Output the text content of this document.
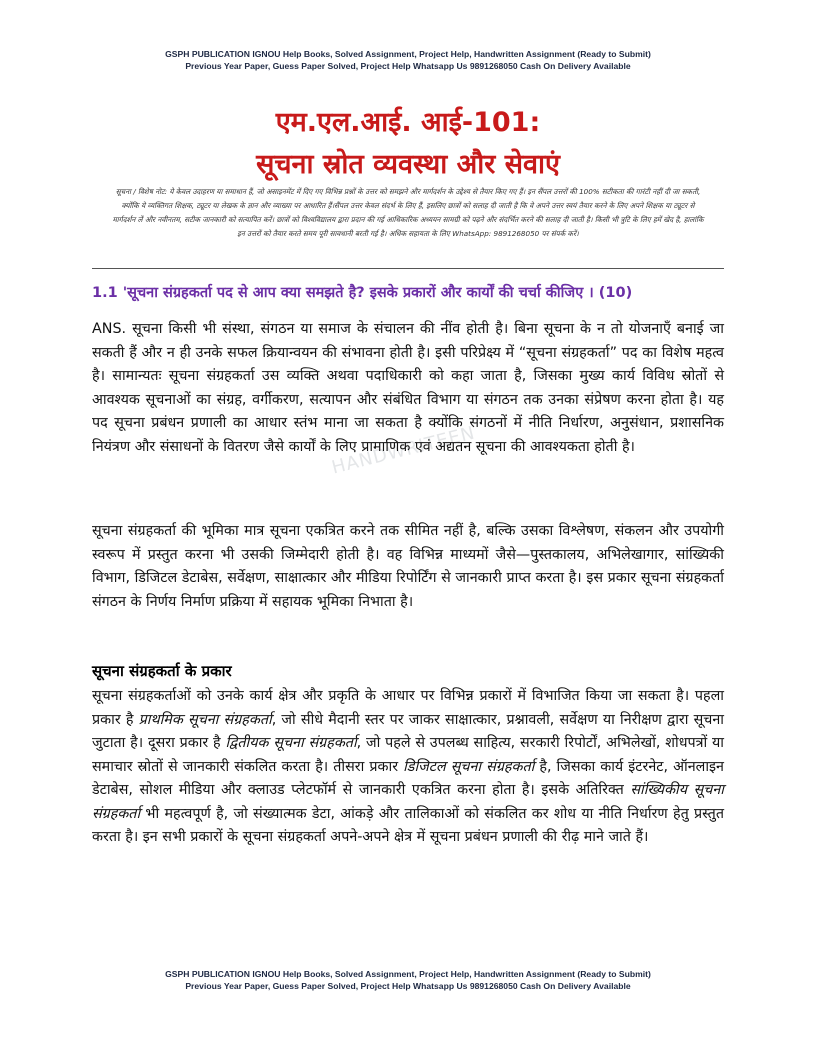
HANDWRITEEN
GSPH PUBLICATION IGNOU Help Books, Solved Assignment, Project Help, Handwritten Assignment (Ready to Submit)
Previous Year Paper, Guess Paper Solved, Project Help Whatsapp Us 9891268050 Cash On Delivery Available
एम.एल.आई. आई-101:
सूचना स्रोत व्यवस्था और सेवाएं
सूचना / विशेष नोट: ये केवल उदाहरण या समाधान हैं, जो असाइनमेंट में दिए गए विभिन्न प्रश्नों के उत्तर को समझने और मार्गदर्शन के उद्देश्य से तैयार किए गए हैं। इन सैंपल उत्तरों की 100% सटीकता की गारंटी नहीं दी जा सकती, क्योंकि ये व्यक्तिगत शिक्षक, ट्यूटर या लेखक के ज्ञान और व्याख्या पर आधारित हैं।सैंपल उत्तर केवल संदर्भ के लिए हैं, इसलिए छात्रों को सलाह दी जाती है कि वे अपने उत्तर स्वयं तैयार करने के लिए अपने शिक्षक या ट्यूटर से मार्गदर्शन लें और नवीनतम, सटीक जानकारी को सत्यापित करें। छात्रों को विश्वविद्यालय द्वारा प्रदान की गई आधिकारिक अध्ययन सामग्री को पढ़ने और संदर्भित करने की सलाह दी जाती है। किसी भी त्रुटि के लिए हमें खेद है, हालांकि इन उत्तरों को तैयार करते समय पूरी सावधानी बरती गई है। अधिक सहायता के लिए WhatsApp: 9891268050 पर संपर्क करें।
1.1 'सूचना संग्रहकर्ता पद से आप क्या समझते है? इसके प्रकारों और कार्यों की चर्चा कीजिए । (10)
ANS. सूचना किसी भी संस्था, संगठन या समाज के संचालन की नींव होती है। बिना सूचना के न तो योजनाएँ बनाई जा सकती हैं और न ही उनके सफल क्रियान्वयन की संभावना होती है। इसी परिप्रेक्ष्य में “सूचना संग्रहकर्ता” पद का विशेष महत्व है। सामान्यतः सूचना संग्रहकर्ता उस व्यक्ति अथवा पदाधिकारी को कहा जाता है, जिसका मुख्य कार्य विविध स्रोतों से आवश्यक सूचनाओं का संग्रह, वर्गीकरण, सत्यापन और संबंधित विभाग या संगठन तक उनका संप्रेषण करना होता है। यह पद सूचना प्रबंधन प्रणाली का आधार स्तंभ माना जा सकता है क्योंकि संगठनों में नीति निर्धारण, अनुसंधान, प्रशासनिक नियंत्रण और संसाधनों के वितरण जैसे कार्यों के लिए प्रामाणिक एवं अद्यतन सूचना की आवश्यकता होती है।
सूचना संग्रहकर्ता की भूमिका मात्र सूचना एकत्रित करने तक सीमित नहीं है, बल्कि उसका विश्लेषण, संकलन और उपयोगी स्वरूप में प्रस्तुत करना भी उसकी जिम्मेदारी होती है। वह विभिन्न माध्यमों जैसे—पुस्तकालय, अभिलेखागार, सांख्यिकी विभाग, डिजिटल डेटाबेस, सर्वेक्षण, साक्षात्कार और मीडिया रिपोर्टिंग से जानकारी प्राप्त करता है। इस प्रकार सूचना संग्रहकर्ता संगठन के निर्णय निर्माण प्रक्रिया में सहायक भूमिका निभाता है।
सूचना संग्रहकर्ता के प्रकार
सूचना संग्रहकर्ताओं को उनके कार्य क्षेत्र और प्रकृति के आधार पर विभिन्न प्रकारों में विभाजित किया जा सकता है। पहला प्रकार है प्राथमिक सूचना संग्रहकर्ता, जो सीधे मैदानी स्तर पर जाकर साक्षात्कार, प्रश्नावली, सर्वेक्षण या निरीक्षण द्वारा सूचना जुटाता है। दूसरा प्रकार है द्वितीयक सूचना संग्रहकर्ता, जो पहले से उपलब्ध साहित्य, सरकारी रिपोर्टों, अभिलेखों, शोधपत्रों या समाचार स्रोतों से जानकारी संकलित करता है। तीसरा प्रकार डिजिटल सूचना संग्रहकर्ता है, जिसका कार्य इंटरनेट, ऑनलाइन डेटाबेस, सोशल मीडिया और क्लाउड प्लेटफॉर्म से जानकारी एकत्रित करना होता है। इसके अतिरिक्त सांख्यिकीय सूचना संग्रहकर्ता भी महत्वपूर्ण है, जो संख्यात्मक डेटा, आंकड़े और तालिकाओं को संकलित कर शोध या नीति निर्धारण हेतु प्रस्तुत करता है। इन सभी प्रकारों के सूचना संग्रहकर्ता अपने-अपने क्षेत्र में सूचना प्रबंधन प्रणाली की रीढ़ माने जाते हैं।
GSPH PUBLICATION IGNOU Help Books, Solved Assignment, Project Help, Handwritten Assignment (Ready to Submit)
Previous Year Paper, Guess Paper Solved, Project Help Whatsapp Us 9891268050 Cash On Delivery Available
